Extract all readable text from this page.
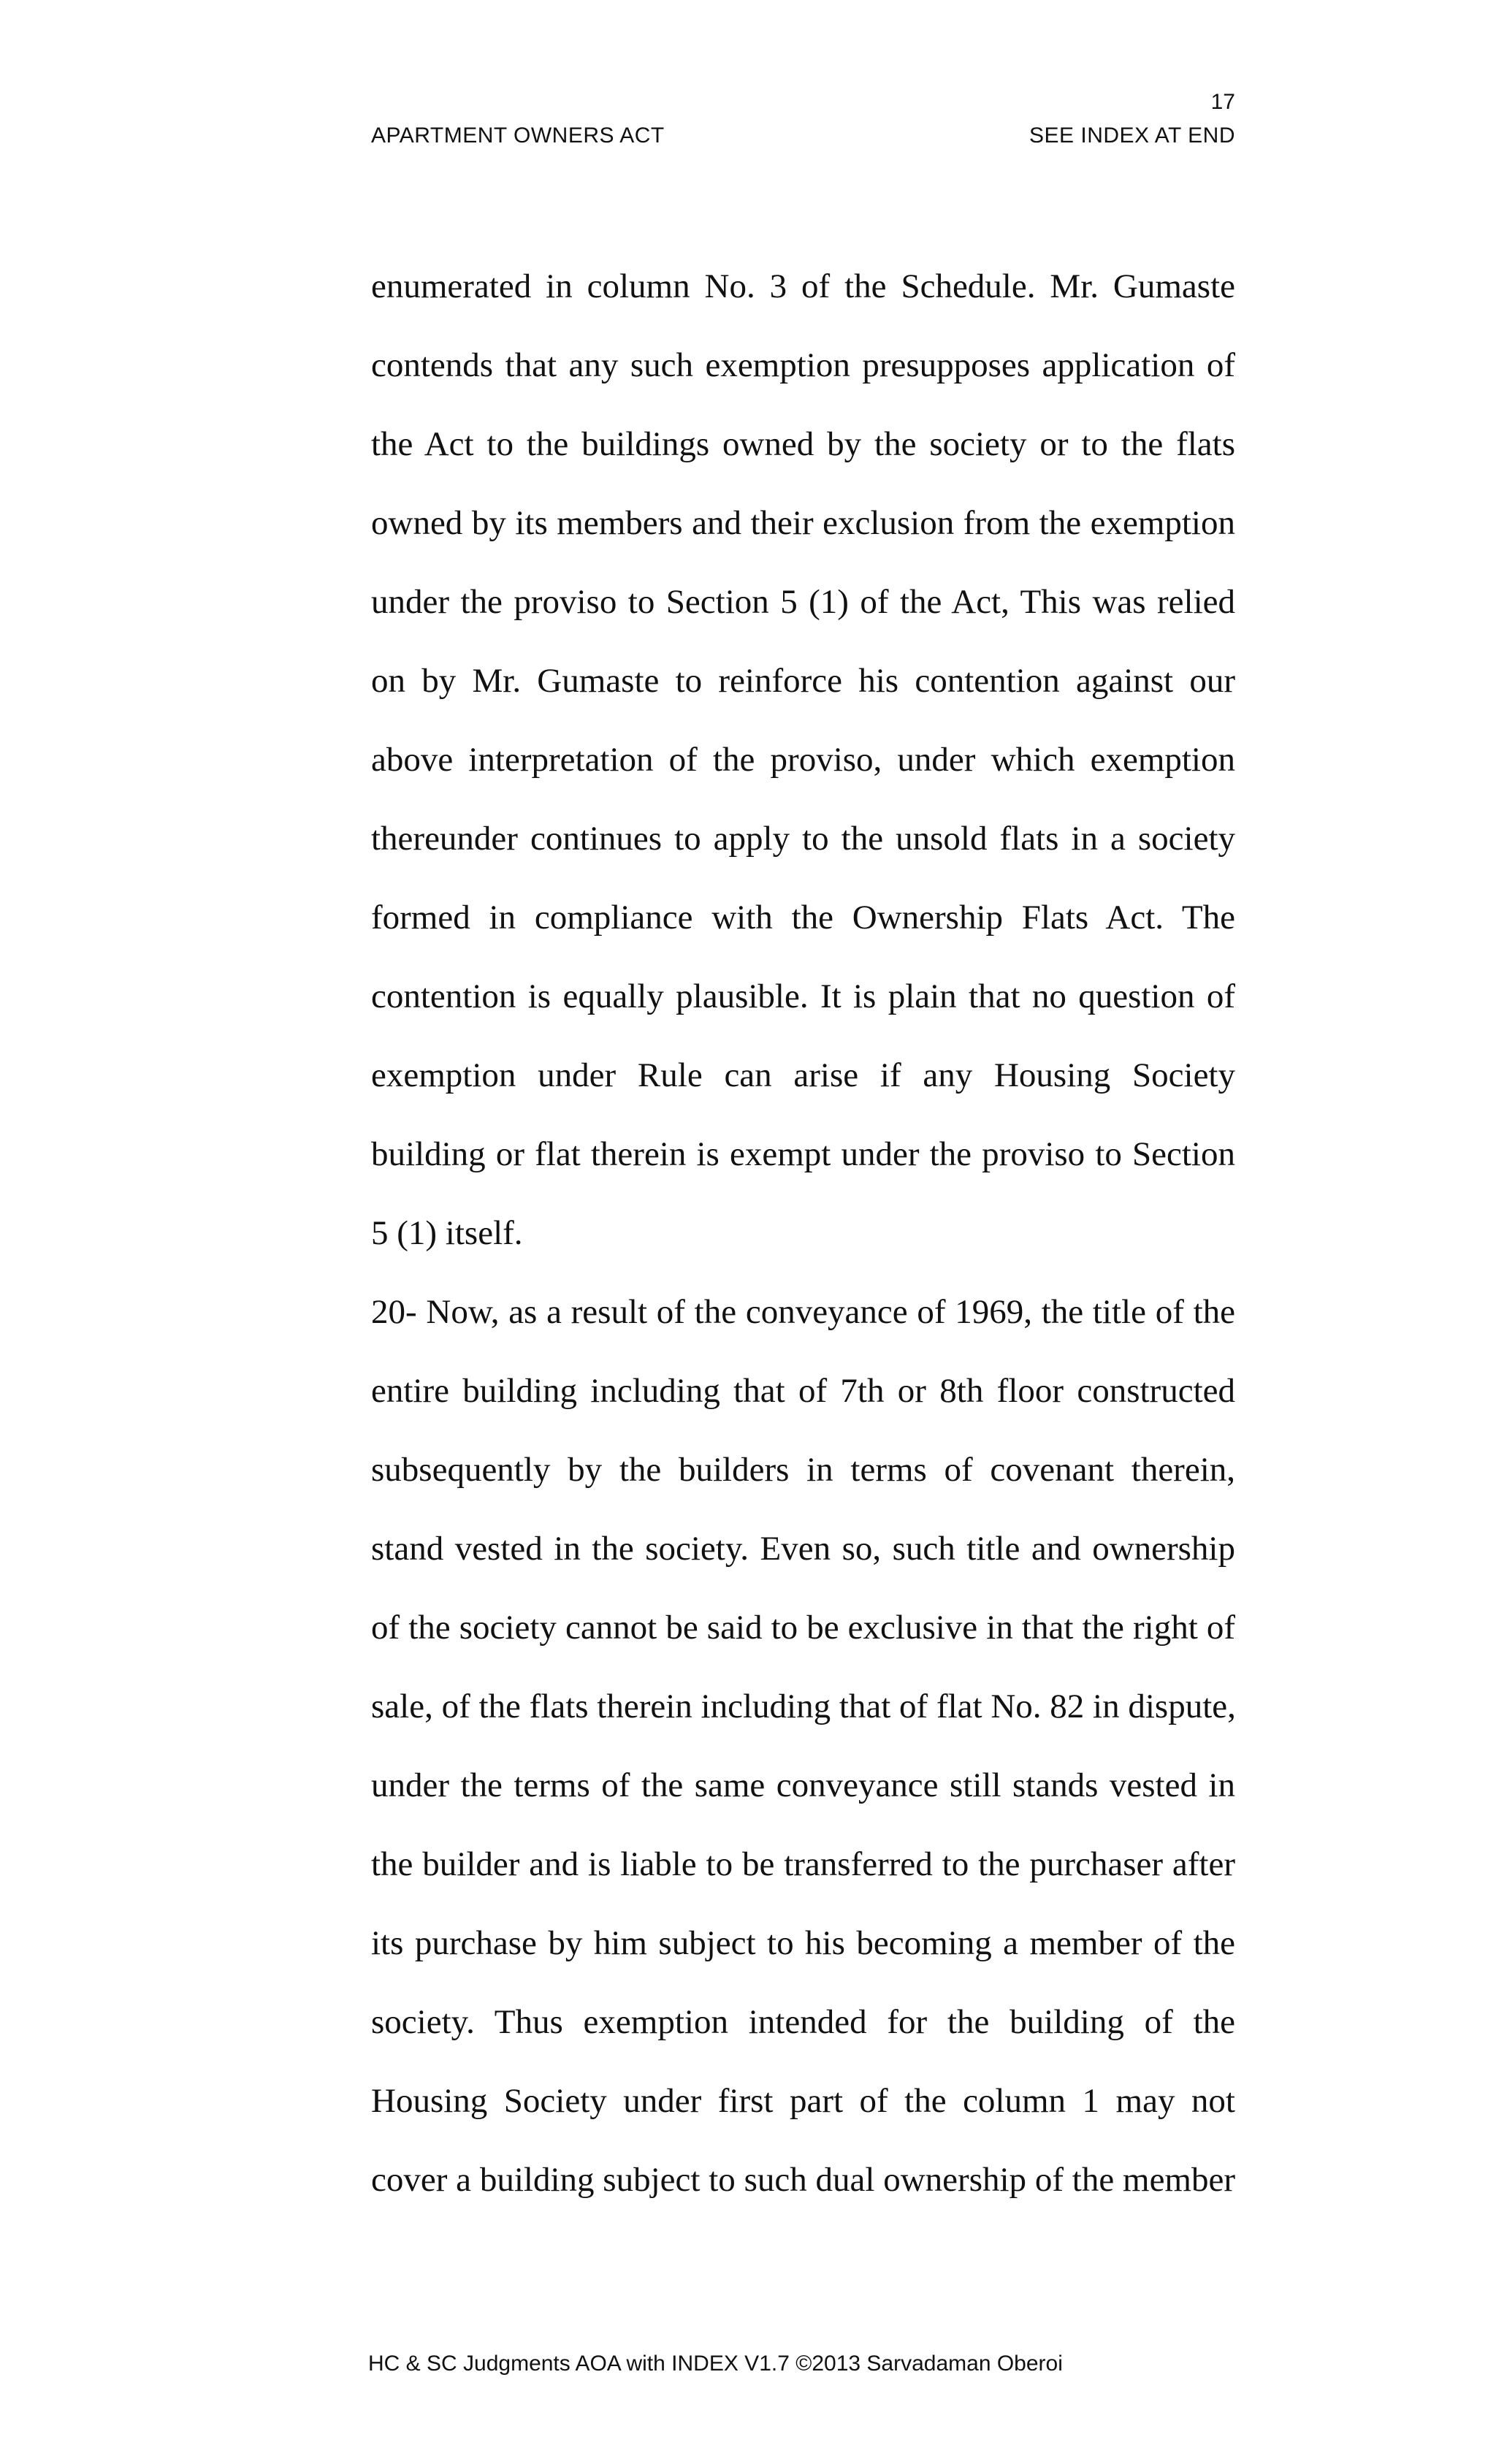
17
APARTMENT OWNERS ACT	SEE INDEX AT END
enumerated in column No. 3 of the Schedule. Mr. Gumaste
contends that any such exemption presupposes application of
the Act to the buildings owned by the society or to the flats
owned by its members and their exclusion from the exemption
under the proviso to Section 5 (1) of the Act, This was relied
on by Mr. Gumaste to reinforce his contention against our
above interpretation of the proviso, under which exemption
thereunder continues to apply to the unsold flats in a society
formed in compliance with the Ownership Flats Act. The
contention is equally plausible. It is plain that no question of
exemption under Rule can arise if any Housing Society
building or flat therein is exempt under the proviso to Section
5 (1) itself.
20- Now, as a result of the conveyance of 1969, the title of the
entire building including that of 7th or 8th floor constructed
subsequently by the builders in terms of covenant therein,
stand vested in the society. Even so, such title and ownership
of the society cannot be said to be exclusive in that the right of
sale, of the flats therein including that of flat No. 82 in dispute,
under the terms of the same conveyance still stands vested in
the builder and is liable to be transferred to the purchaser after
its purchase by him subject to his becoming a member of the
society. Thus exemption intended for the building of the
Housing Society under first part of the column 1 may not
cover a building subject to such dual ownership of the member
HC & SC Judgments AOA with INDEX V1.7 ©2013 Sarvadaman Oberoi
